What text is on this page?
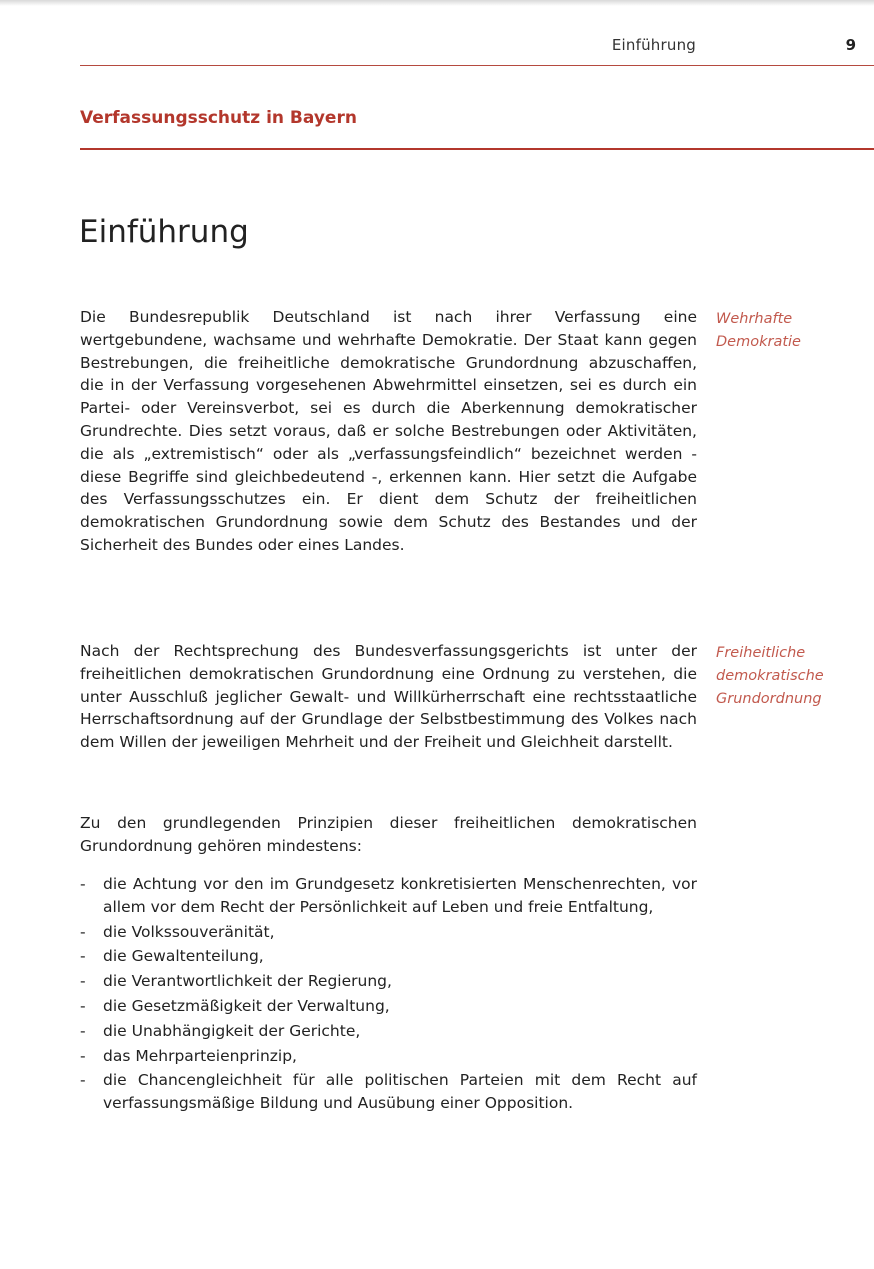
Einführung	9
Verfassungsschutz in Bayern
Einführung

Die Bundesrepublik Deutschland ist nach ihrer Verfassung eine wertgebundene, wachsame und wehrhafte Demokratie. Der Staat kann gegen Bestrebungen, die freiheitliche demokratische Grundordnung abzuschaffen, die in der Verfassung vorgesehenen Abwehrmittel einsetzen, sei es durch ein Partei- oder Vereinsverbot, sei es durch die Aberkennung demokratischer Grundrechte. Dies setzt voraus, daß er solche Bestrebungen oder Aktivitäten, die als „extremistisch“ oder als „verfassungsfeindlich“ bezeichnet werden - diese Begriffe sind gleichbedeutend -, erkennen kann. Hier setzt die Aufgabe des Verfassungsschutzes ein. Er dient dem Schutz der freiheitlichen demokratischen Grundordnung sowie dem Schutz des Bestandes und der Sicherheit des Bundes oder eines Landes.

Wehrhafte
Demokratie

Nach der Rechtsprechung des Bundesverfassungsgerichts ist unter der freiheitlichen demokratischen Grundordnung eine Ordnung zu verstehen, die unter Ausschluß jeglicher Gewalt- und Willkürherrschaft eine rechtsstaatliche Herrschaftsordnung auf der Grundlage der Selbstbestimmung des Volkes nach dem Willen der jeweiligen Mehrheit und der Freiheit und Gleichheit darstellt.

Freiheitliche
demokratische
Grundordnung

Zu den grundlegenden Prinzipien dieser freiheitlichen demokratischen Grundordnung gehören mindestens:

- die Achtung vor den im Grundgesetz konkretisierten Menschenrechten, vor allem vor dem Recht der Persönlichkeit auf Leben und freie Entfaltung,
- die Volkssouveränität,
- die Gewaltenteilung,
- die Verantwortlichkeit der Regierung,
- die Gesetzmäßigkeit der Verwaltung,
- die Unabhängigkeit der Gerichte,
- das Mehrparteienprinzip,
- die Chancengleichheit für alle politischen Parteien mit dem Recht auf verfassungsmäßige Bildung und Ausübung einer Opposition.
